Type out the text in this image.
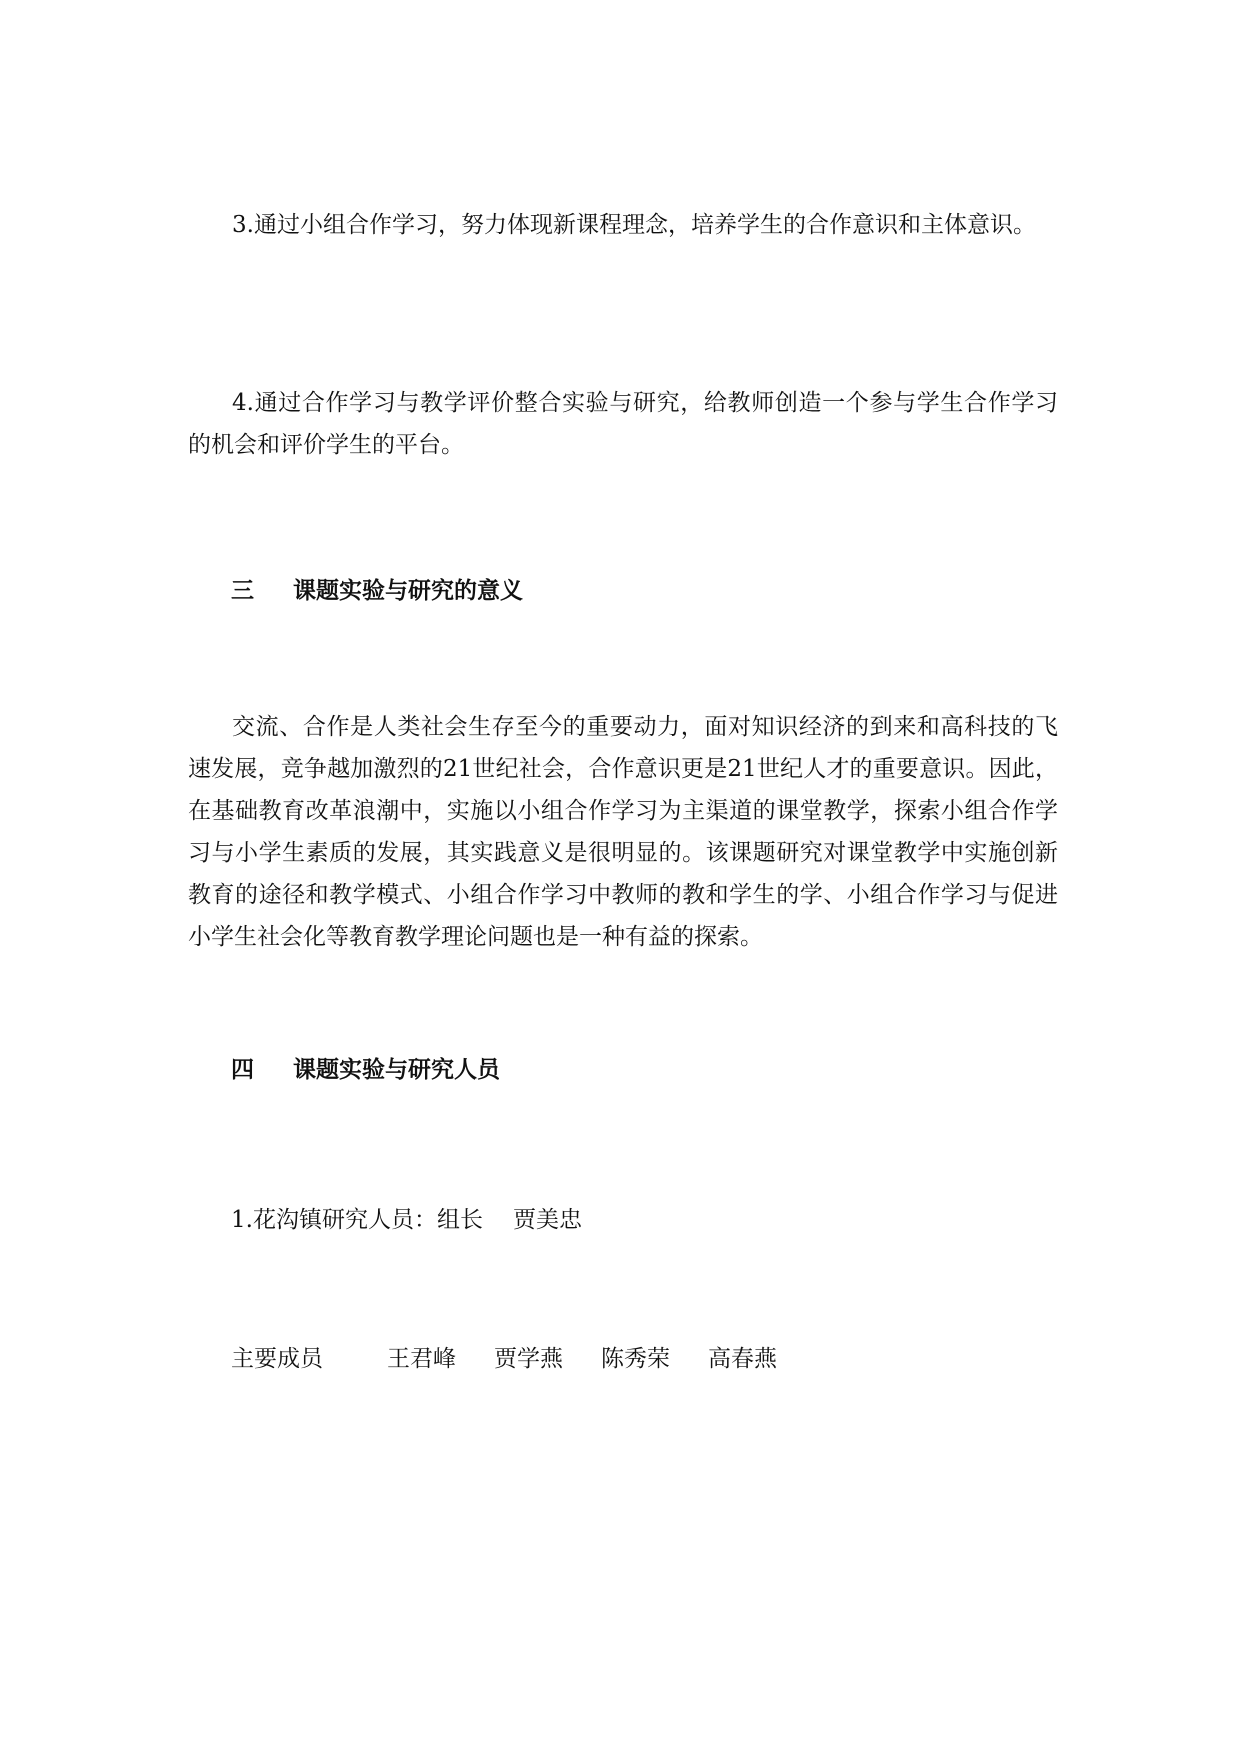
3.通过小组合作学习，努力体现新课程理念，培养学生的合作意识和主体意识。

4.通过合作学习与教学评价整合实验与研究，给教师创造一个参与学生合作学习的机会和评价学生的平台。

三 课题实验与研究的意义

交流、合作是人类社会生存至今的重要动力，面对知识经济的到来和高科技的飞速发展，竞争越加激烈的21世纪社会，合作意识更是21世纪人才的重要意识。因此，在基础教育改革浪潮中，实施以小组合作学习为主渠道的课堂教学，探索小组合作学习与小学生素质的发展，其实践意义是很明显的。该课题研究对课堂教学中实施创新教育的途径和教学模式、小组合作学习中教师的教和学生的学、小组合作学习与促进小学生社会化等教育教学理论问题也是一种有益的探索。

四 课题实验与研究人员

1.花沟镇研究人员：组长 贾美忠

主要成员	王君峰 贾学燕 陈秀荣 高春燕
